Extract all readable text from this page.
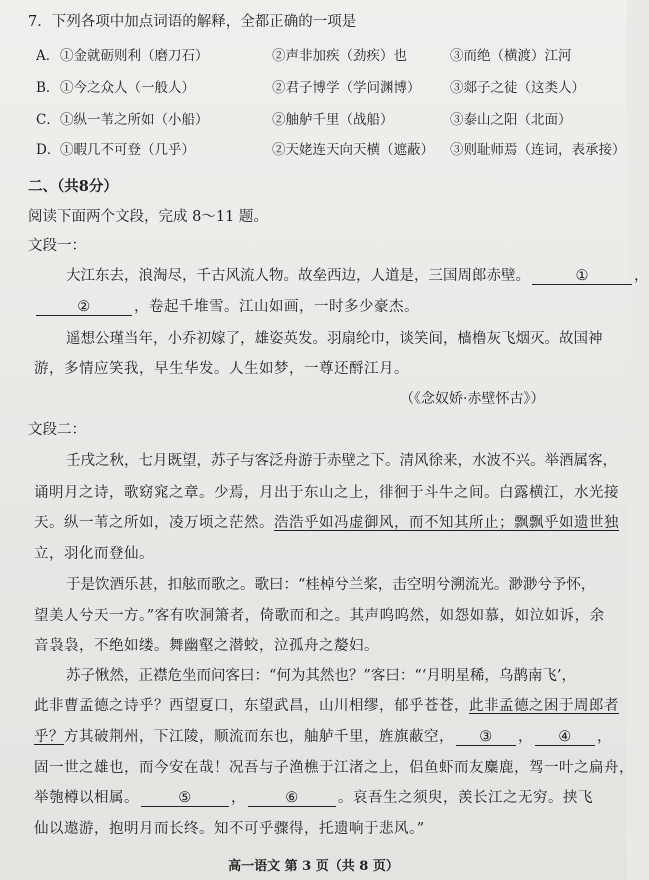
7．下列各项中加点词语的解释，全都正确的一项是
A． ①金就砺则利（磨刀石）	②声非加疾（劲疾）也	③而绝（横渡）江河
B． ①今之众人（一般人）	②君子博学（学问渊博） ③郯子之徒（这类人）
C． ①纵一苇之所如（小船）	②舳舻千里（战船）	③泰山之阳（北面）
D． ①暇几不可登（几乎）	②天姥连天向天横（遮蔽） ③则耻师焉（连词，表承接）
二、（共8分）
阅读下面两个文段，完成 8～11 题。
文段一：
大江东去，浪淘尽，千古风流人物。故垒西边，人道是，三国周郎赤壁。	①	，
②	，卷起千堆雪。江山如画，一时多少豪杰。
遥想公瑾当年，小乔初嫁了，雄姿英发。羽扇纶巾，谈笑间，樯橹灰飞烟灭。故国神
游，多情应笑我，早生华发。人生如梦，一尊还酹江月。
（《念奴娇·赤壁怀古》）
文段二：
壬戌之秋，七月既望，苏子与客泛舟游于赤壁之下。清风徐来，水波不兴。举酒属客，
诵明月之诗，歌窈窕之章。少焉，月出于东山之上，徘徊于斗牛之间。白露横江，水光接
天。纵一苇之所如，凌万顷之茫然。浩浩乎如冯虚御风，而不知其所止；飘飘乎如遗世独
立，羽化而登仙。
于是饮酒乐甚，扣舷而歌之。歌曰：“桂棹兮兰桨，击空明兮溯流光。渺渺兮予怀，
望美人兮天一方。”客有吹洞箫者，倚歌而和之。其声呜呜然，如怨如慕，如泣如诉，余
音袅袅，不绝如缕。舞幽壑之潜蛟，泣孤舟之嫠妇。
苏子愀然，正襟危坐而问客曰：“何为其然也？”客曰：“‘月明星稀，乌鹊南飞’，
此非曹孟德之诗乎？西望夏口，东望武昌，山川相缪，郁乎苍苍，此非孟德之困于周郎者
乎？方其破荆州，下江陵，顺流而东也，舳舻千里，旌旗蔽空， ③ ， ④ ，
固一世之雄也，而今安在哉！况吾与子渔樵于江渚之上，侣鱼虾而友麋鹿，驾一叶之扁舟，
举匏樽以相属。	⑤	，	⑥	。哀吾生之须臾，羡长江之无穷。挟飞
仙以遨游，抱明月而长终。知不可乎骤得，托遗响于悲风。”
高一语文 第 3 页（共 8 页）
